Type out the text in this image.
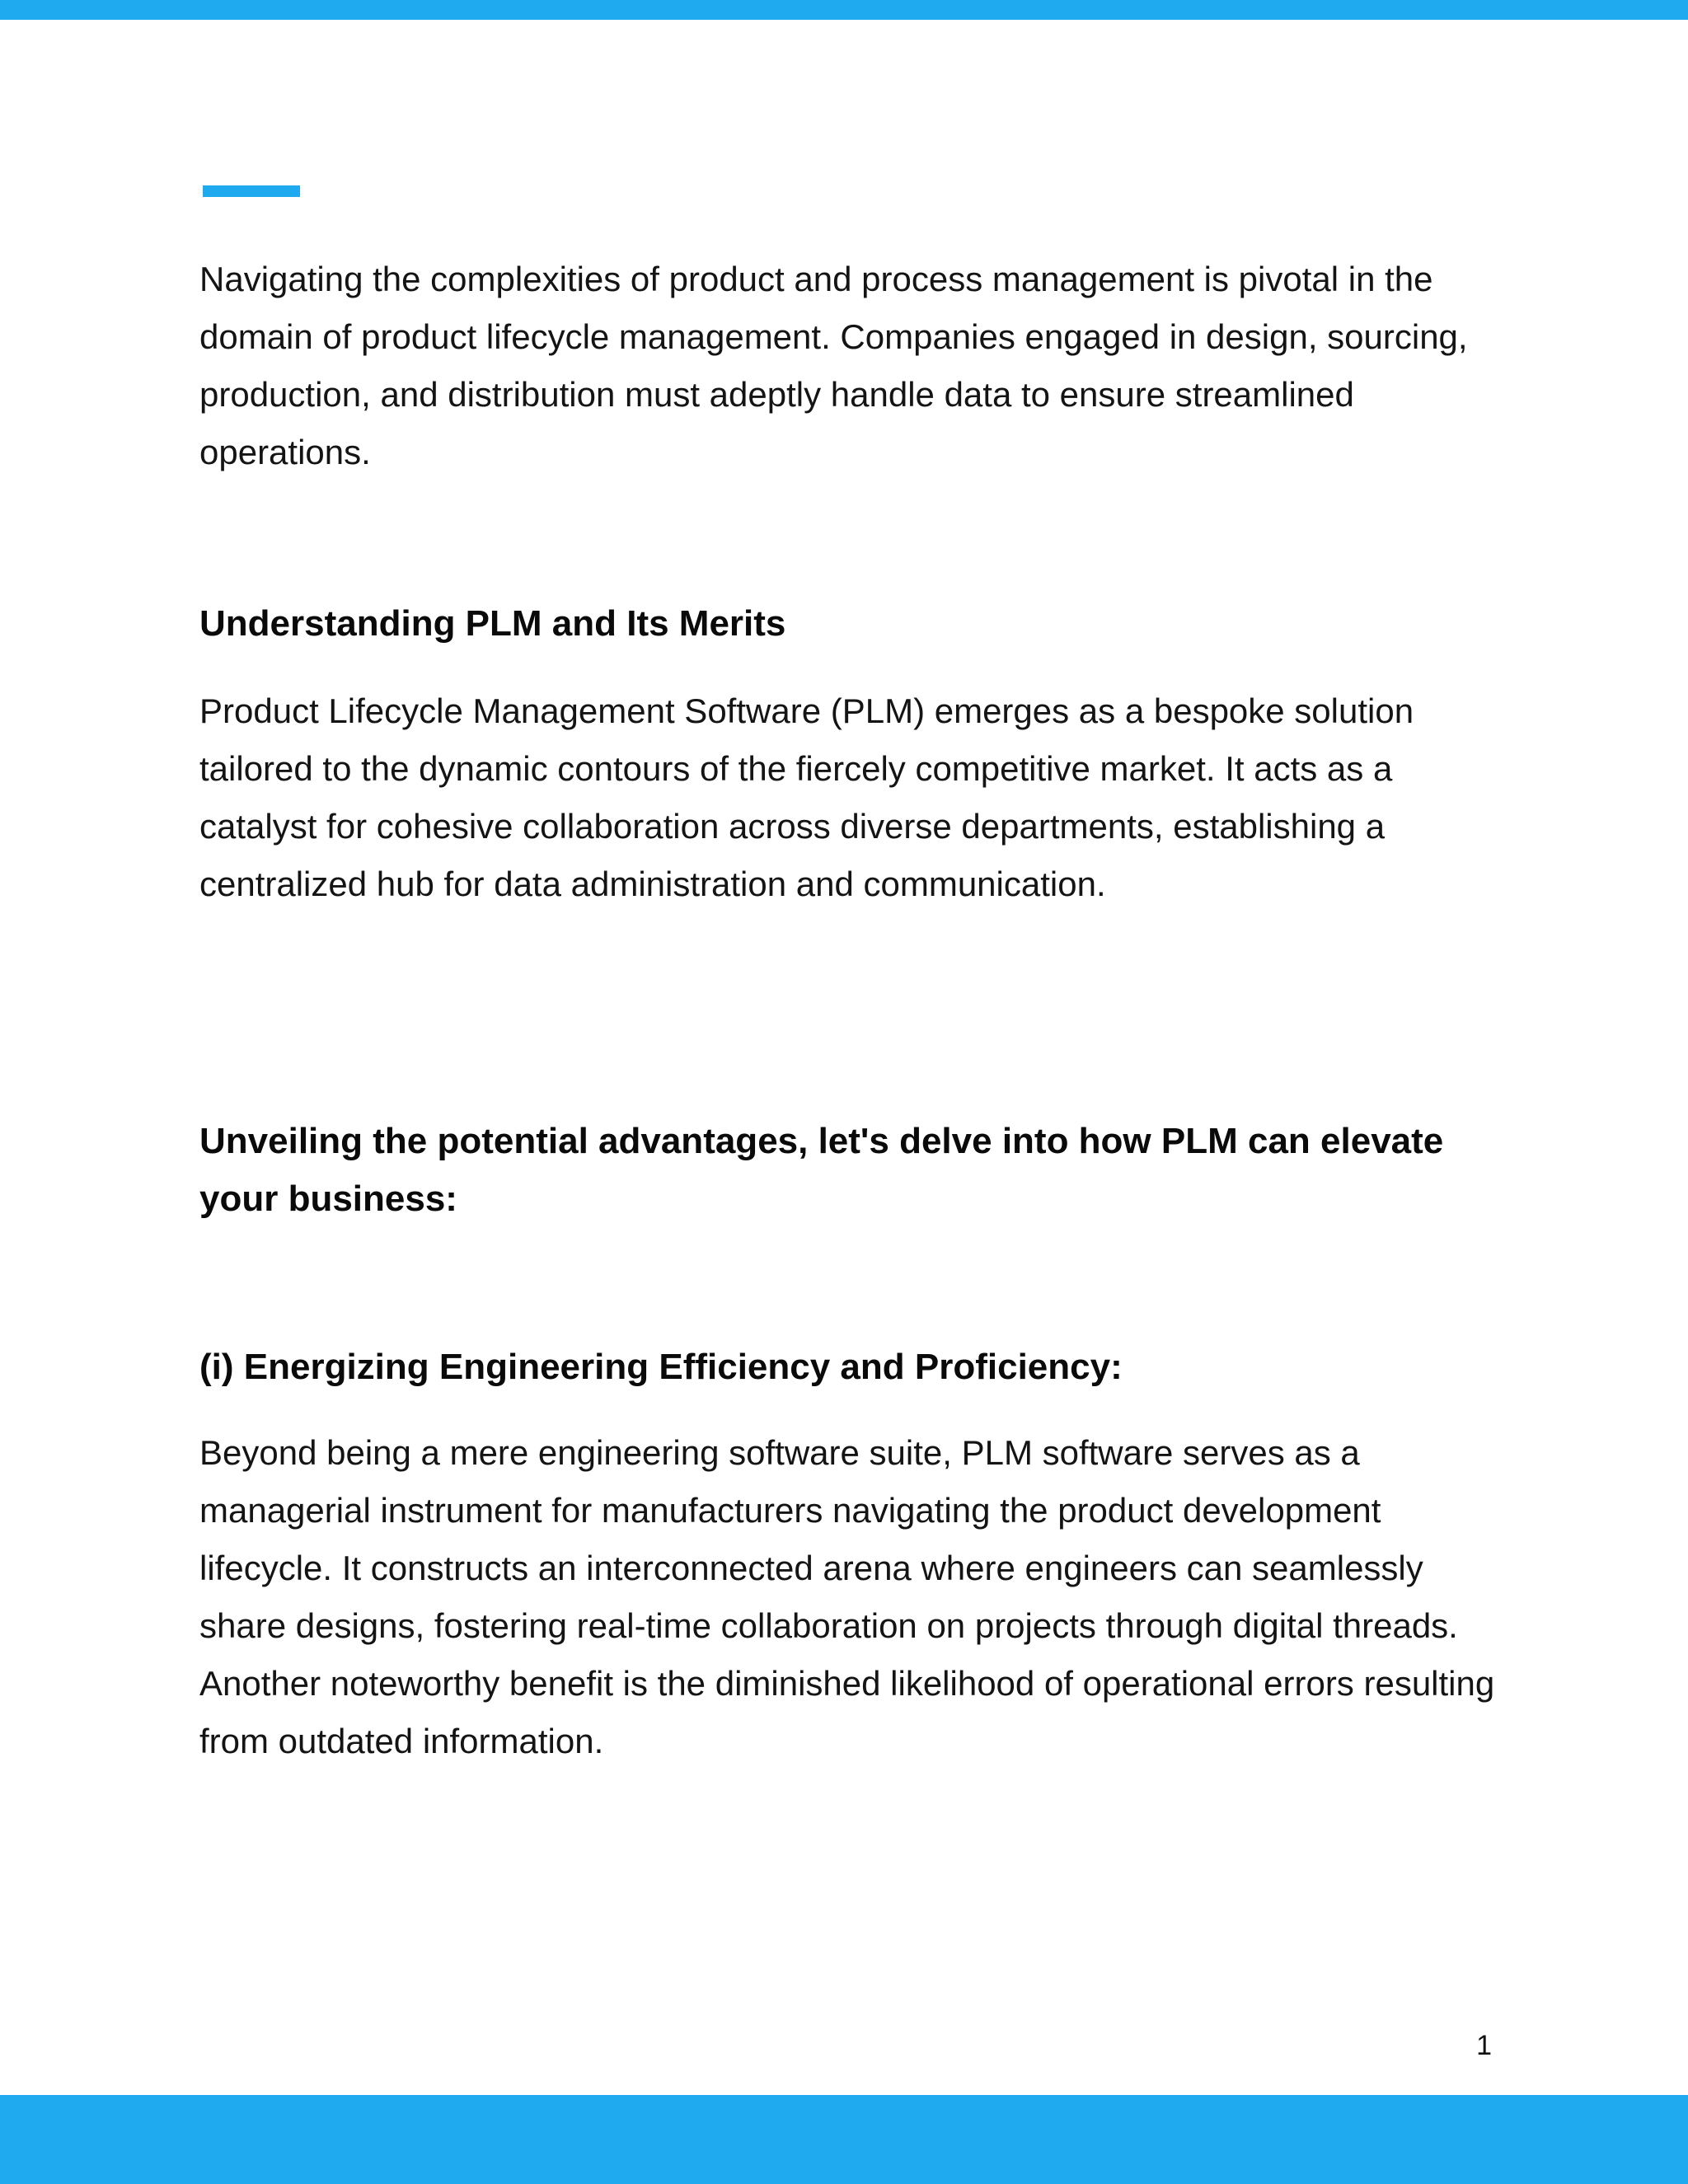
Navigating the complexities of product and process management is pivotal in the domain of product lifecycle management. Companies engaged in design, sourcing, production, and distribution must adeptly handle data to ensure streamlined operations.

Understanding PLM and Its Merits

Product Lifecycle Management Software (PLM) emerges as a bespoke solution tailored to the dynamic contours of the fiercely competitive market. It acts as a catalyst for cohesive collaboration across diverse departments, establishing a centralized hub for data administration and communication.

Unveiling the potential advantages, let's delve into how PLM can elevate your business:
(i) Energizing Engineering Efficiency and Proficiency:

Beyond being a mere engineering software suite, PLM software serves as a managerial instrument for manufacturers navigating the product development lifecycle. It constructs an interconnected arena where engineers can seamlessly share designs, fostering real-time collaboration on projects through digital threads. Another noteworthy benefit is the diminished likelihood of operational errors resulting from outdated information.

1
